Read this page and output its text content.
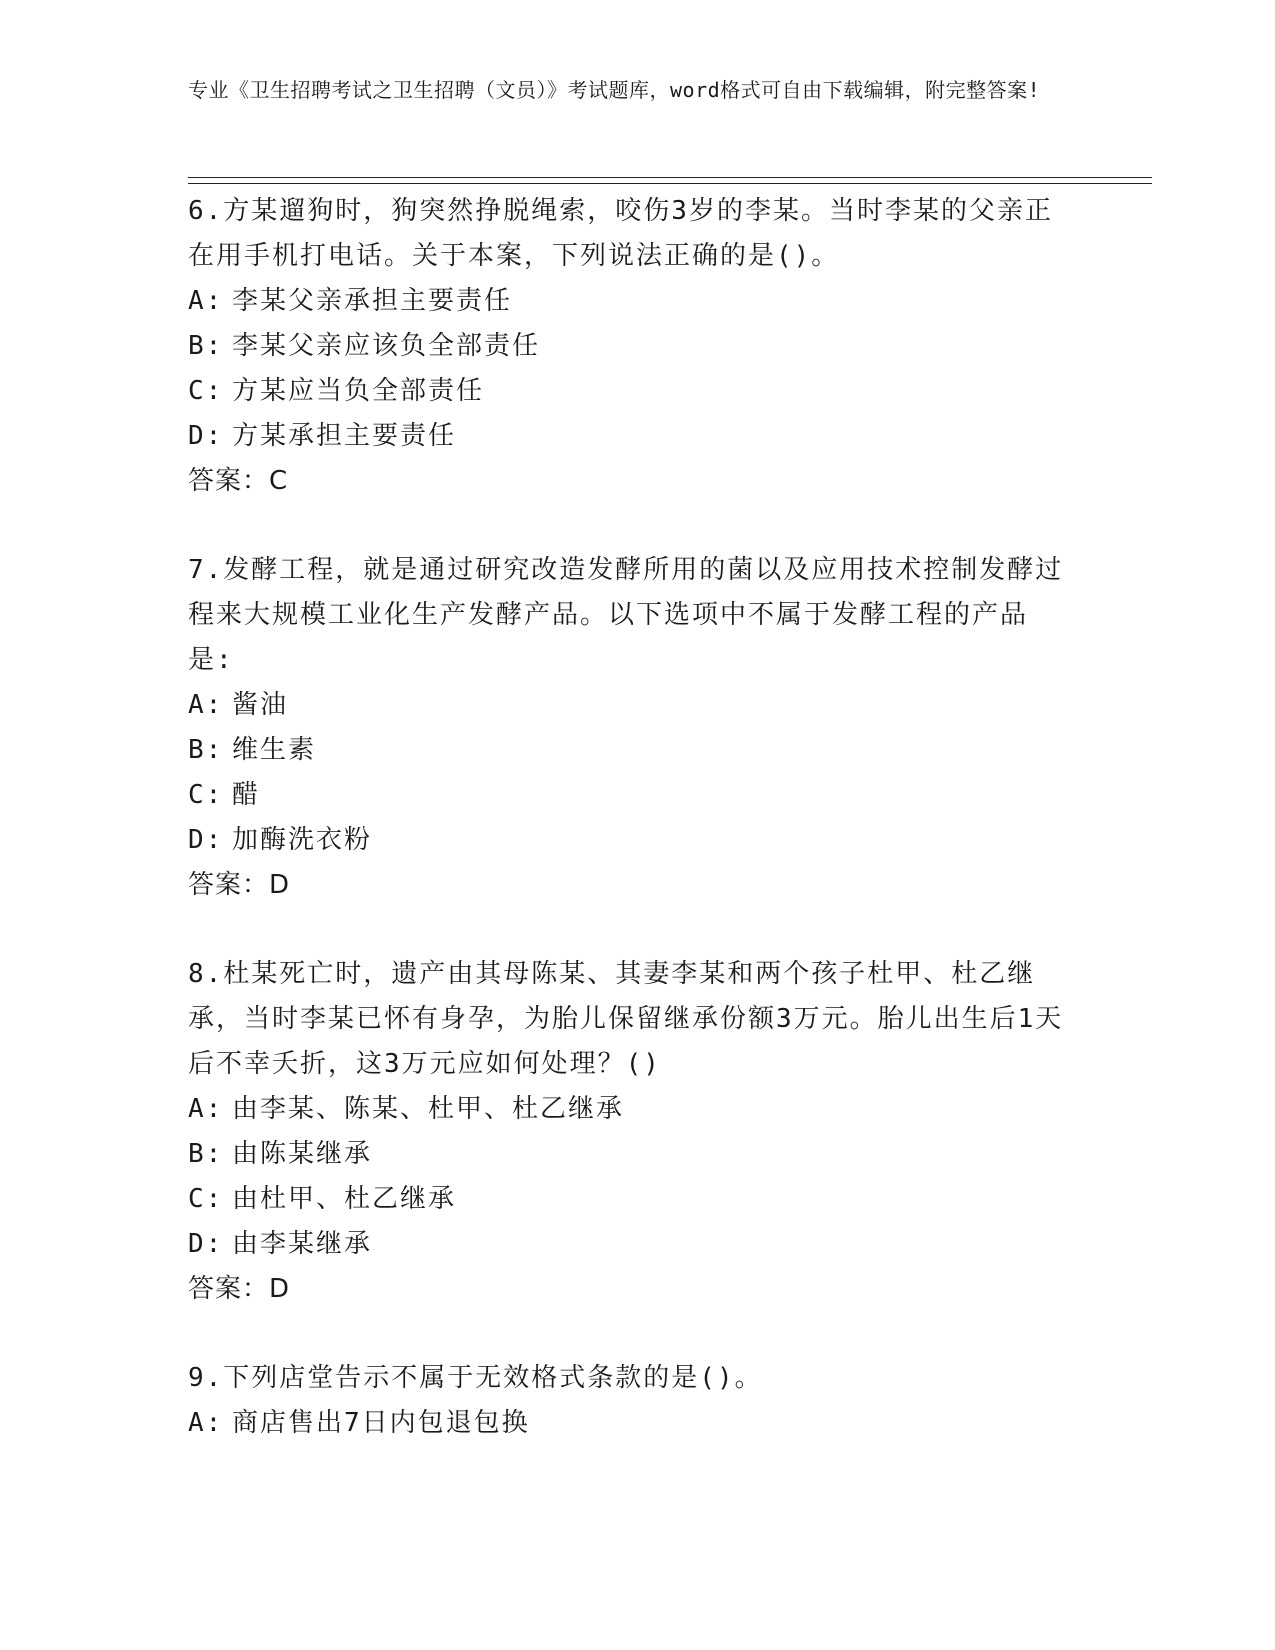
专业《卫生招聘考试之卫生招聘（文员）》考试题库，word格式可自由下载编辑，附完整答案!
6.方某遛狗时，狗突然挣脱绳索，咬伤3岁的李某。当时李某的父亲正在用手机打电话。关于本案，下列说法正确的是()。
A: 李某父亲承担主要责任
B: 李某父亲应该负全部责任
C: 方某应当负全部责任
D: 方某承担主要责任
答案：C
7.发酵工程，就是通过研究改造发酵所用的菌以及应用技术控制发酵过程来大规模工业化生产发酵产品。以下选项中不属于发酵工程的产品是:
A: 酱油
B: 维生素
C: 醋
D: 加酶洗衣粉
答案：D
8.杜某死亡时，遗产由其母陈某、其妻李某和两个孩子杜甲、杜乙继承，当时李某已怀有身孕，为胎儿保留继承份额3万元。胎儿出生后1天后不幸夭折，这3万元应如何处理？()
A: 由李某、陈某、杜甲、杜乙继承
B: 由陈某继承
C: 由杜甲、杜乙继承
D: 由李某继承
答案：D
9.下列店堂告示不属于无效格式条款的是()。
A: 商店售出7日内包退包换
